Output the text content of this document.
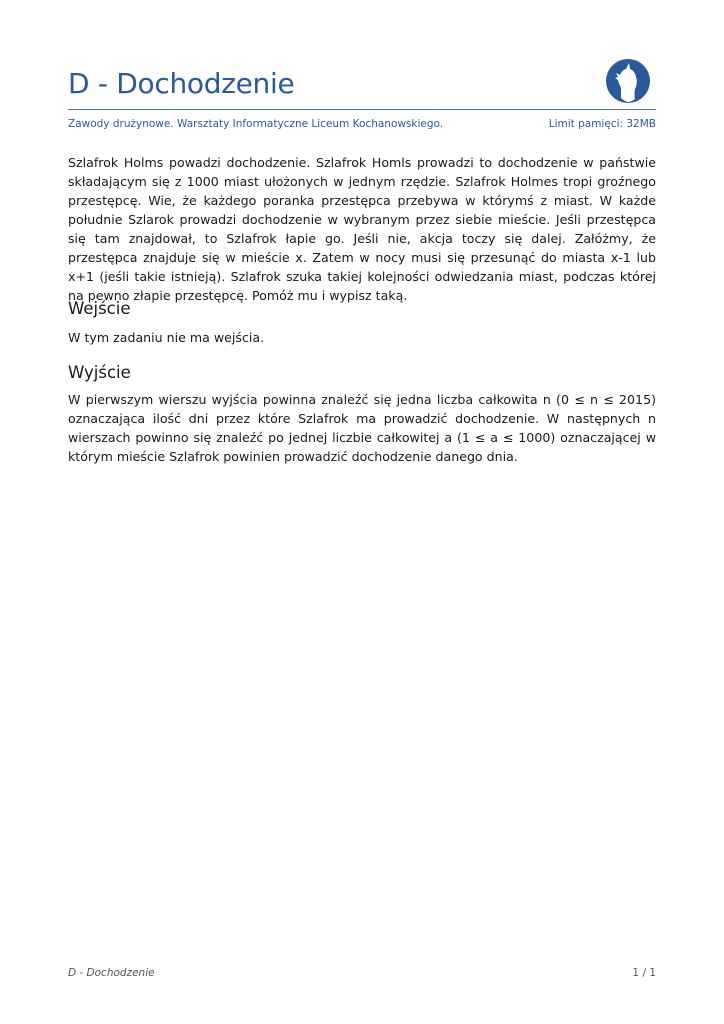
D - Dochodzenie
Zawody drużynowe. Warsztaty Informatyczne Liceum Kochanowskiego.	Limit pamięci: 32MB

Szlafrok Holms powadzi dochodzenie. Szlafrok Homls prowadzi to dochodzenie w państwie składającym się z 1000 miast ułożonych w jednym rzędzie. Szlafrok Holmes tropi groźnego przestępcę. Wie, że każdego poranka przestępca przebywa w którymś z miast. W każde południe Szlarok prowadzi dochodzenie w wybranym przez siebie mieście. Jeśli przestępca się tam znajdował, to Szlafrok łapie go. Jeśli nie, akcja toczy się dalej. Załóżmy, że przestępca znajduje się w mieście x. Zatem w nocy musi się przesunąć do miasta x-1 lub x+1 (jeśli takie istnieją). Szlafrok szuka takiej kolejności odwiedzania miast, podczas której na pewno złapie przestępcę. Pomóż mu i wypisz taką.

Wejście

W tym zadaniu nie ma wejścia.

Wyjście

W pierwszym wierszu wyjścia powinna znaleźć się jedna liczba całkowita n (0 ≤ n ≤ 2015) oznaczająca ilość dni przez które Szlafrok ma prowadzić dochodzenie. W następnych n wierszach powinno się znaleźć po jednej liczbie całkowitej a (1 ≤ a ≤ 1000) oznaczającej w którym mieście Szlafrok powinien prowadzić dochodzenie danego dnia.

D - Dochodzenie	1 / 1
